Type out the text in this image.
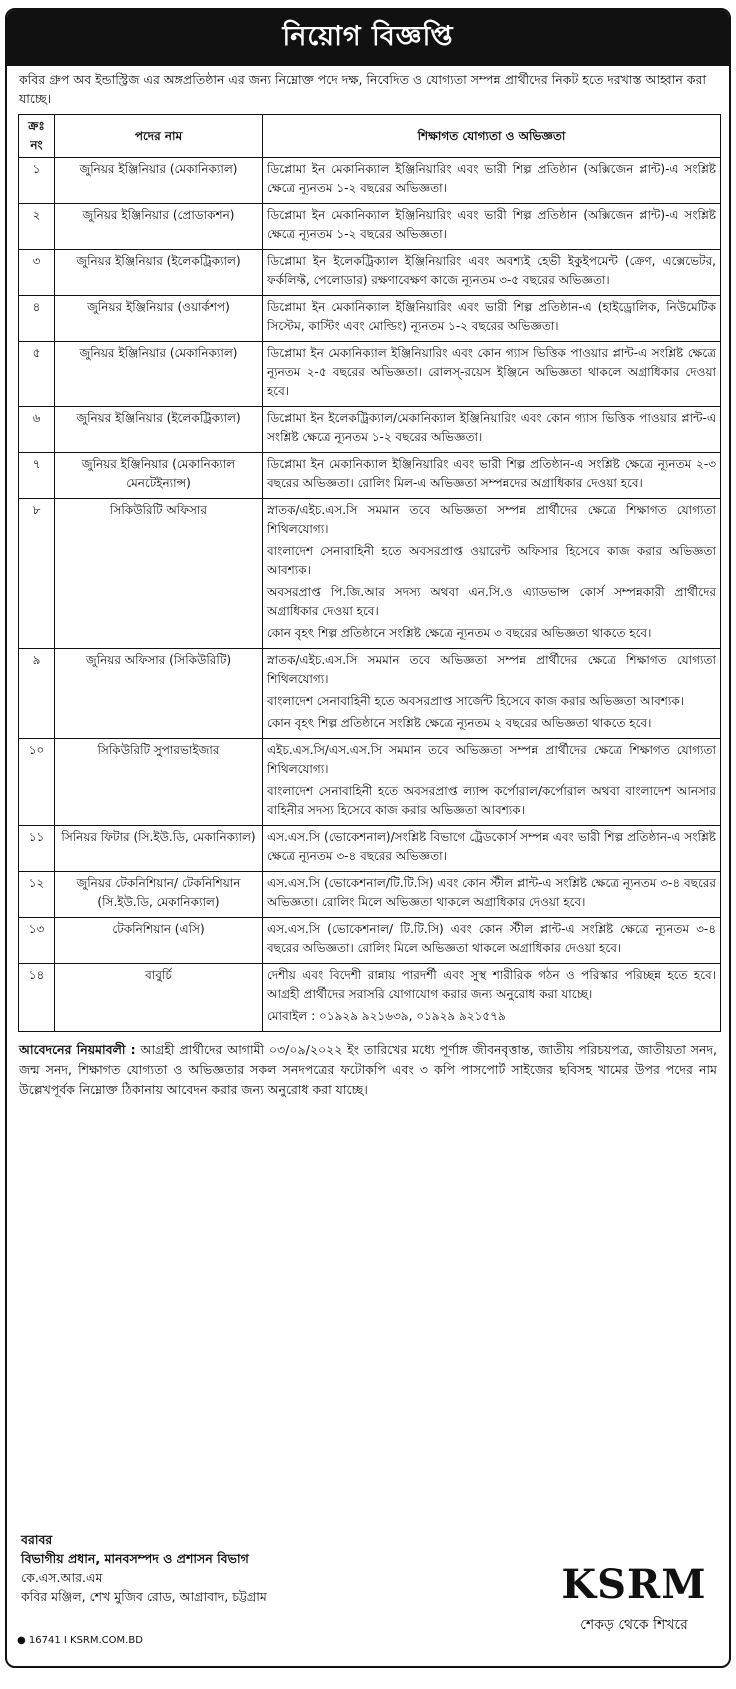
নিয়োগ বিজ্ঞপ্তি
কবির গ্রুপ অব ইন্ডাস্ট্রিজ এর অঙ্গপ্রতিষ্ঠান এর জন্য নিম্নোক্ত পদে দক্ষ, নিবেদিত ও যোগ্যতা সম্পন্ন প্রার্থীদের নিকট হতে দরখাস্ত আহ্বান করা যাচ্ছে।
ক্রঃ নং	পদের নাম	শিক্ষাগত যোগ্যতা ও অভিজ্ঞতা
১	জুনিয়র ইঞ্জিনিয়ার (মেকানিক্যাল)	ডিপ্লোমা ইন মেকানিক্যাল ইঞ্জিনিয়ারিং এবং ভারী শিল্প প্রতিষ্ঠান (অক্সিজেন প্লান্ট)-এ সংশ্লিষ্ট ক্ষেত্রে ন্যূনতম ১-২ বছরের অভিজ্ঞতা।

২	জুনিয়র ইঞ্জিনিয়ার (প্রোডাকশন)	ডিপ্লোমা ইন মেকানিক্যাল ইঞ্জিনিয়ারিং এবং ভারী শিল্প প্রতিষ্ঠান (অক্সিজেন প্লান্ট)-এ সংশ্লিষ্ট ক্ষেত্রে ন্যূনতম ১-২ বছরের অভিজ্ঞতা।

৩	জুনিয়র ইঞ্জিনিয়ার (ইলেকট্রিক্যাল)	ডিপ্লোমা ইন ইলেকট্রিক্যাল ইঞ্জিনিয়ারিং এবং অবশ্যই হেভী ইকুইপমেন্ট (ক্রেণ, এক্সেভেটর, ফর্কলিফ্ট, পেলোডার) রক্ষণাবেক্ষণ কাজে ন্যূনতম ৩-৫ বছরের অভিজ্ঞতা।

৪	জুনিয়র ইঞ্জিনিয়ার (ওয়ার্কশপ)	ডিপ্লোমা ইন মেকানিক্যাল ইঞ্জিনিয়ারিং এবং ভারী শিল্প প্রতিষ্ঠান-এ (হাইড্রোলিক, নিউমেটিক সিস্টেম, কাস্টিং এবং মোল্ডিং) ন্যূনতম ১-২ বছরের অভিজ্ঞতা।

৫	জুনিয়র ইঞ্জিনিয়ার (মেকানিক্যাল)	ডিপ্লোমা ইন মেকানিক্যাল ইঞ্জিনিয়ারিং এবং কোন গ্যাস ভিত্তিক পাওয়ার প্লান্ট-এ সংশ্লিষ্ট ক্ষেত্রে ন্যূনতম ২-৫ বছরের অভিজ্ঞতা। রোলস্-রয়েস ইঞ্জিনে অভিজ্ঞতা থাকলে অগ্রাধিকার দেওয়া হবে।

৬	জুনিয়র ইঞ্জিনিয়ার (ইলেকট্রিক্যাল)	ডিপ্লোমা ইন ইলেকট্রিক্যাল/মেকানিক্যাল ইঞ্জিনিয়ারিং এবং কোন গ্যাস ভিত্তিক পাওয়ার প্লান্ট-এ সংশ্লিষ্ট ক্ষেত্রে ন্যূনতম ১-২ বছরের অভিজ্ঞতা।

৭	জুনিয়র ইঞ্জিনিয়ার (মেকানিক্যাল মেনটেইন্যান্স)	ডিপ্লোমা ইন মেকানিক্যাল ইঞ্জিনিয়ারিং এবং ভারী শিল্প প্রতিষ্ঠান-এ সংশ্লিষ্ট ক্ষেত্রে ন্যূনতম ২-৩ বছরের অভিজ্ঞতা। রোলিং মিল-এ অভিজ্ঞতা সম্পন্নদের অগ্রাধিকার দেওয়া হবে।

৮	সিকিউরিটি অফিসার	স্নাতক/এইচ.এস.সি সমমান তবে অভিজ্ঞতা সম্পন্ন প্রার্থীদের ক্ষেত্রে শিক্ষাগত যোগ্যতা শিথিলযোগ্য।

বাংলাদেশ সেনাবাহিনী হতে অবসরপ্রাপ্ত ওয়ারেন্ট অফিসার হিসেবে কাজ করার অভিজ্ঞতা আবশ্যক।

অবসরপ্রাপ্ত পি.জি.আর সদস্য অথবা এন.সি.ও এ্যাডভান্স কোর্স সম্পন্নকারী প্রার্থীদের অগ্রাধিকার দেওয়া হবে।

কোন বৃহৎ শিল্প প্রতিষ্ঠানে সংশ্লিষ্ট ক্ষেত্রে ন্যূনতম ৩ বছরের অভিজ্ঞতা থাকতে হবে।

৯	জুনিয়র অফিসার (সিকিউরিটি)	স্নাতক/এইচ.এস.সি সমমান তবে অভিজ্ঞতা সম্পন্ন প্রার্থীদের ক্ষেত্রে শিক্ষাগত যোগ্যতা শিথিলযোগ্য।

বাংলাদেশ সেনাবাহিনী হতে অবসরপ্রাপ্ত সার্জেন্ট হিসেবে কাজ করার অভিজ্ঞতা আবশ্যক।

কোন বৃহৎ শিল্প প্রতিষ্ঠানে সংশ্লিষ্ট ক্ষেত্রে ন্যূনতম ২ বছরের অভিজ্ঞতা থাকতে হবে।

১০	সিকিউরিটি সুপারভাইজার	এইচ.এস.সি/এস.এস.সি সমমান তবে অভিজ্ঞতা সম্পন্ন প্রার্থীদের ক্ষেত্রে শিক্ষাগত যোগ্যতা শিথিলযোগ্য।

বাংলাদেশ সেনাবাহিনী হতে অবসরপ্রাপ্ত ল্যান্স কর্পোরাল/কর্পোরাল অথবা বাংলাদেশ আনসার বাহিনীর সদস্য হিসেবে কাজ করার অভিজ্ঞতা আবশ্যক।

১১	সিনিয়র ফিটার (সি.ইউ.ডি, মেকানিক্যাল)	এস.এস.সি (ভোকেশনাল)/সংশ্লিষ্ট বিভাগে ট্রেডকোর্স সম্পন্ন এবং ভারী শিল্প প্রতিষ্ঠান-এ সংশ্লিষ্ট ক্ষেত্রে ন্যূনতম ৩-৪ বছরের অভিজ্ঞতা।

১২	জুনিয়র টেকনিশিয়ান/ টেকনিশিয়ান (সি.ইউ.ডি, মেকানিক্যাল)	এস.এস.সি (ভোকেশনাল/টি.টি.সি) এবং কোন স্টীল প্লান্ট-এ সংশ্লিষ্ট ক্ষেত্রে ন্যূনতম ৩-৪ বছরের অভিজ্ঞতা। রোলিং মিলে অভিজ্ঞতা থাকলে অগ্রাধিকার দেওয়া হবে।

১৩	টেকনিশিয়ান (এসি)	এস.এস.সি (ভোকেশনাল/ টি.টি.সি) এবং কোন স্টীল প্লান্ট-এ সংশ্লিষ্ট ক্ষেত্রে ন্যূনতম ৩-৪ বছরের অভিজ্ঞতা। রোলিং মিলে অভিজ্ঞতা থাকলে অগ্রাধিকার দেওয়া হবে।

১৪	বাবুর্চি	দেশীয় এবং বিদেশী রান্নায় পারদর্শী এবং সুস্থ শারীরিক গঠন ও পরিস্কার পরিচ্ছন্ন হতে হবে। আগ্রহী প্রার্থীদের সরাসরি যোগাযোগ করার জন্য অনুরোধ করা যাচ্ছে।

মোবাইল : ০১৯২৯ ৯২১৬৩৯, ০১৯২৯ ৯২১৫৭৯

আবেদনের নিয়মাবলী : আগ্রহী প্রার্থীদের আগামী ০৩/০৯/২০২২ ইং তারিখের মধ্যে পূর্ণাঙ্গ জীবনবৃত্তান্ত, জাতীয় পরিচয়পত্র, জাতীয়তা সনদ, জন্ম সনদ, শিক্ষাগত যোগ্যতা ও অভিজ্ঞতার সকল সনদপত্রের ফটোকপি এবং ৩ কপি পাসপোর্ট সাইজের ছবিসহ খামের উপর পদের নাম উল্লেখপূর্বক নিম্নোক্ত ঠিকানায় আবেদন করার জন্য অনুরোধ করা যাচ্ছে।
বরাবর
বিভাগীয় প্রধান, মানবসম্পদ ও প্রশাসন বিভাগ
কে.এস.আর.এম
কবির মঞ্জিল, শেখ মুজিব রোড, আগ্রাবাদ, চট্টগ্রাম
● 16741 I KSRM.COM.BD
KSRM
শেকড় থেকে শিখরে
